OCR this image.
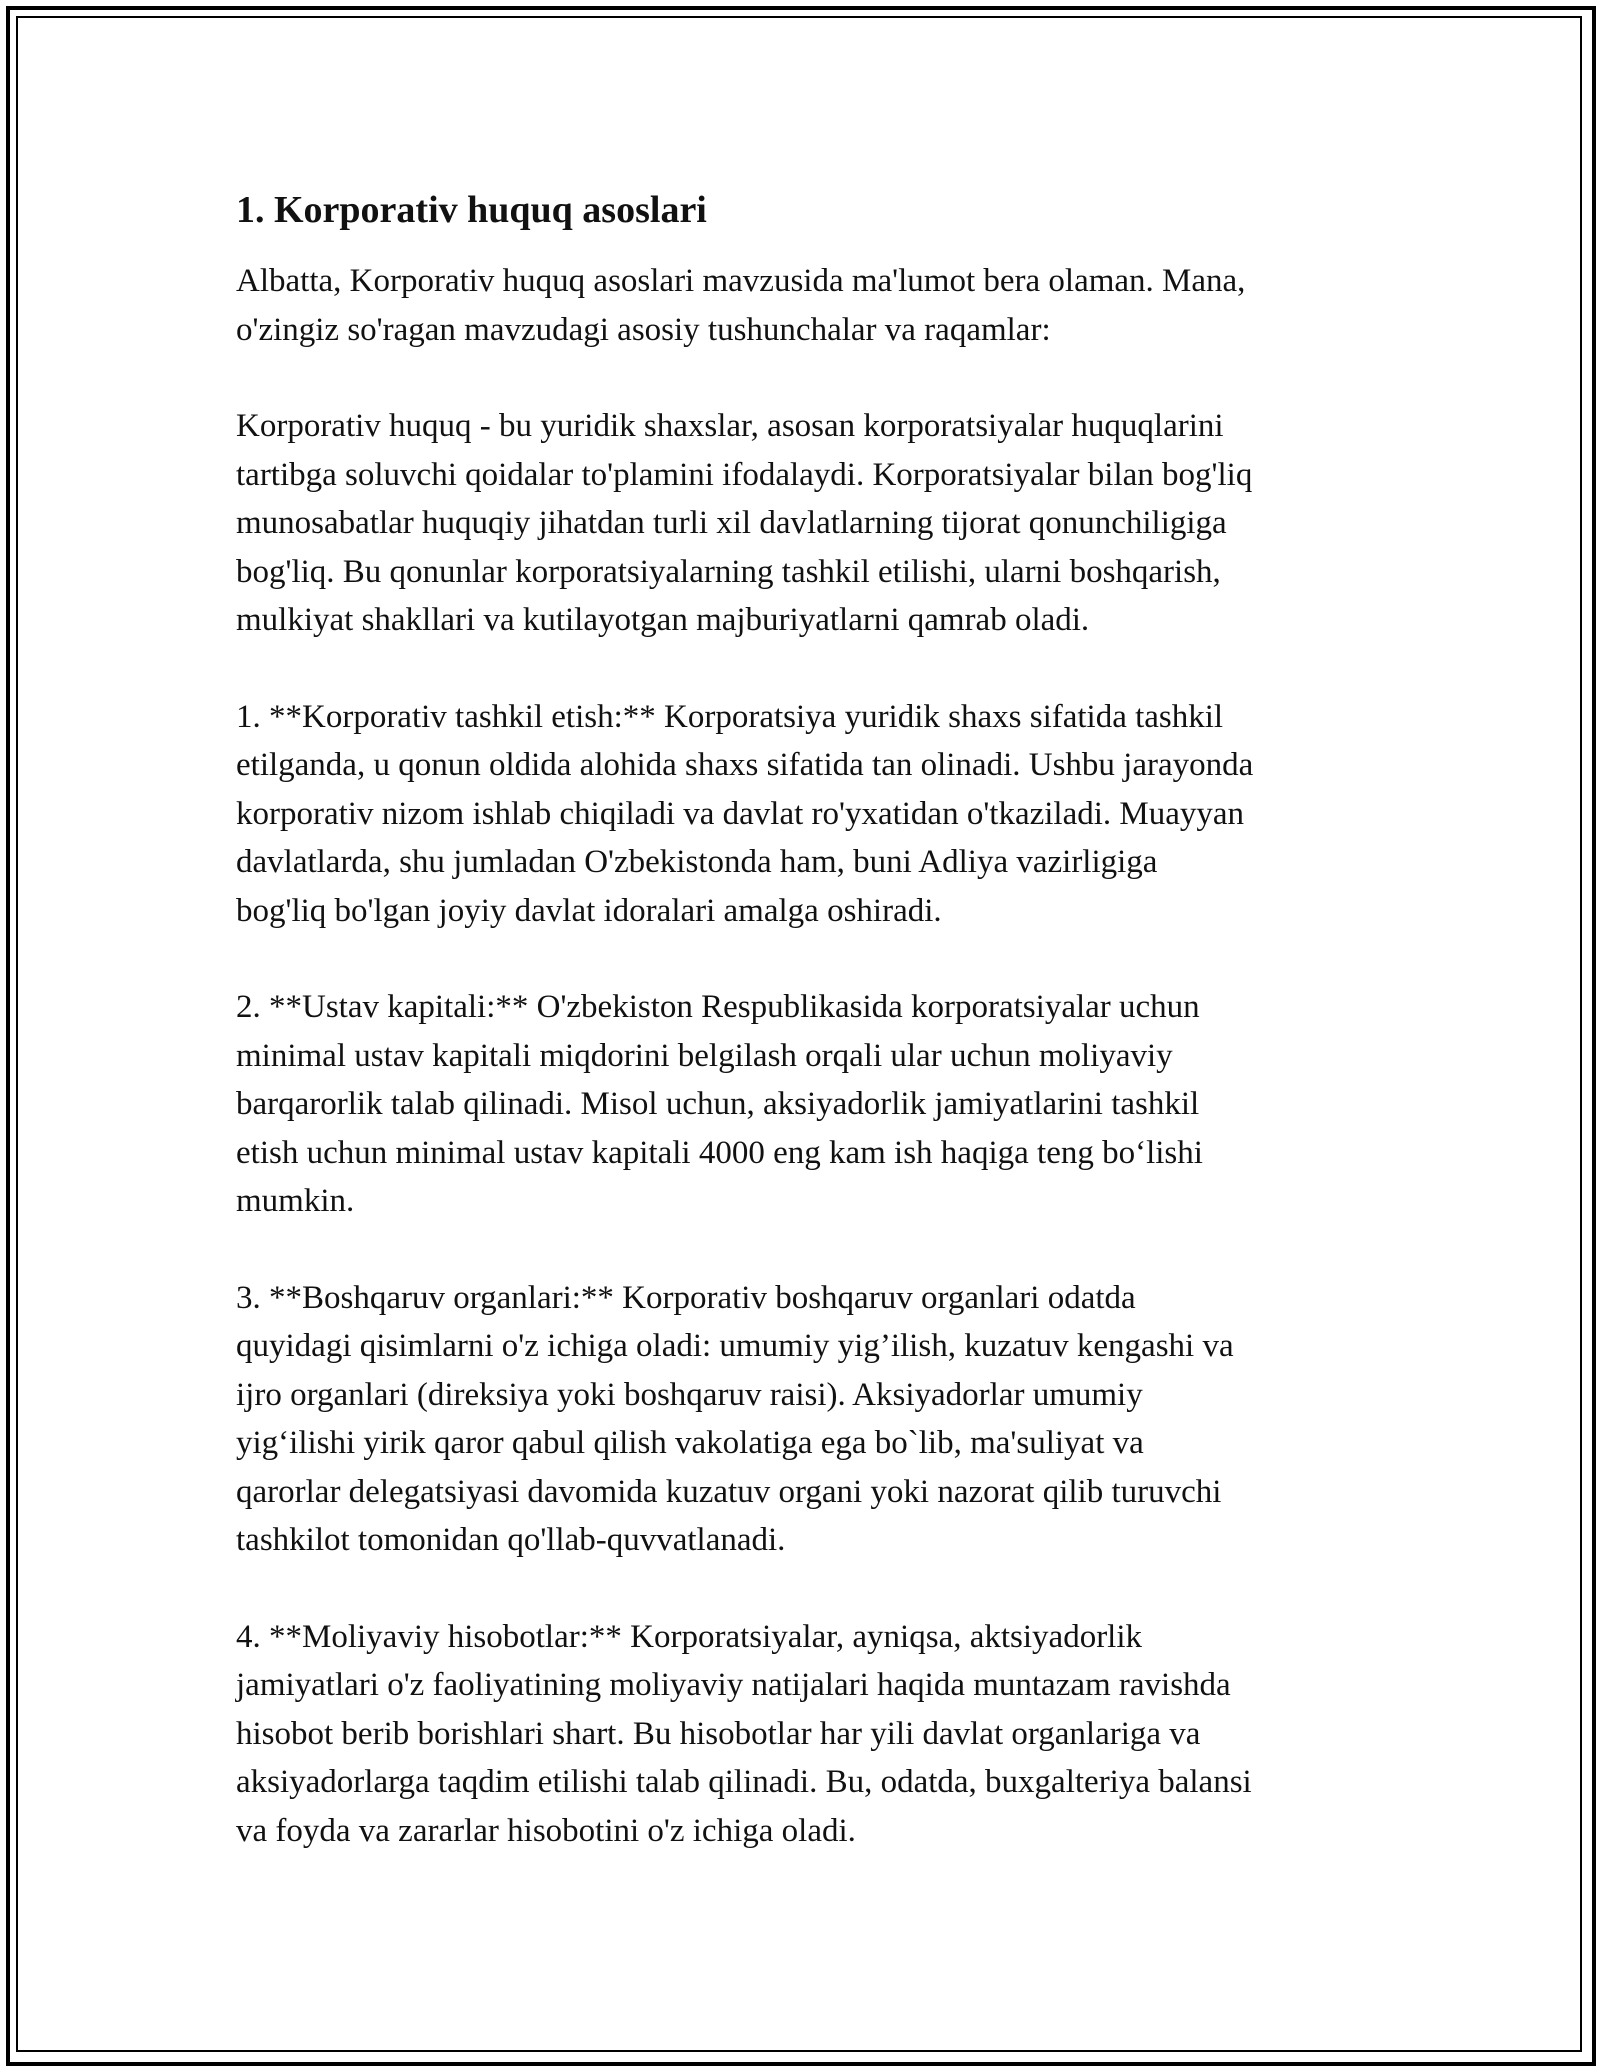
1. Korporativ huquq asoslari
Albatta, Korporativ huquq asoslari mavzusida ma'lumot bera olaman. Mana,
o'zingiz so'ragan mavzudagi asosiy tushunchalar va raqamlar:
Korporativ huquq - bu yuridik shaxslar, asosan korporatsiyalar huquqlarini
tartibga soluvchi qoidalar to'plamini ifodalaydi. Korporatsiyalar bilan bog'liq
munosabatlar huquqiy jihatdan turli xil davlatlarning tijorat qonunchiligiga
bog'liq. Bu qonunlar korporatsiyalarning tashkil etilishi, ularni boshqarish,
mulkiyat shakllari va kutilayotgan majburiyatlarni qamrab oladi.
1. **Korporativ tashkil etish:** Korporatsiya yuridik shaxs sifatida tashkil
etilganda, u qonun oldida alohida shaxs sifatida tan olinadi. Ushbu jarayonda
korporativ nizom ishlab chiqiladi va davlat ro'yxatidan o'tkaziladi. Muayyan
davlatlarda, shu jumladan O'zbekistonda ham, buni Adliya vazirligiga
bog'liq bo'lgan joyiy davlat idoralari amalga oshiradi.
2. **Ustav kapitali:** O'zbekiston Respublikasida korporatsiyalar uchun
minimal ustav kapitali miqdorini belgilash orqali ular uchun moliyaviy
barqarorlik talab qilinadi. Misol uchun, aksiyadorlik jamiyatlarini tashkil
etish uchun minimal ustav kapitali 4000 eng kam ish haqiga teng bo‘lishi
mumkin.
3. **Boshqaruv organlari:** Korporativ boshqaruv organlari odatda
quyidagi qisimlarni o'z ichiga oladi: umumiy yig’ilish, kuzatuv kengashi va
ijro organlari (direksiya yoki boshqaruv raisi). Aksiyadorlar umumiy
yig‘ilishi yirik qaror qabul qilish vakolatiga ega bo`lib, ma'suliyat va
qarorlar delegatsiyasi davomida kuzatuv organi yoki nazorat qilib turuvchi
tashkilot tomonidan qo'llab-quvvatlanadi.
4. **Moliyaviy hisobotlar:** Korporatsiyalar, ayniqsa, aktsiyadorlik
jamiyatlari o'z faoliyatining moliyaviy natijalari haqida muntazam ravishda
hisobot berib borishlari shart. Bu hisobotlar har yili davlat organlariga va
aksiyadorlarga taqdim etilishi talab qilinadi. Bu, odatda, buxgalteriya balansi
va foyda va zararlar hisobotini o'z ichiga oladi.
